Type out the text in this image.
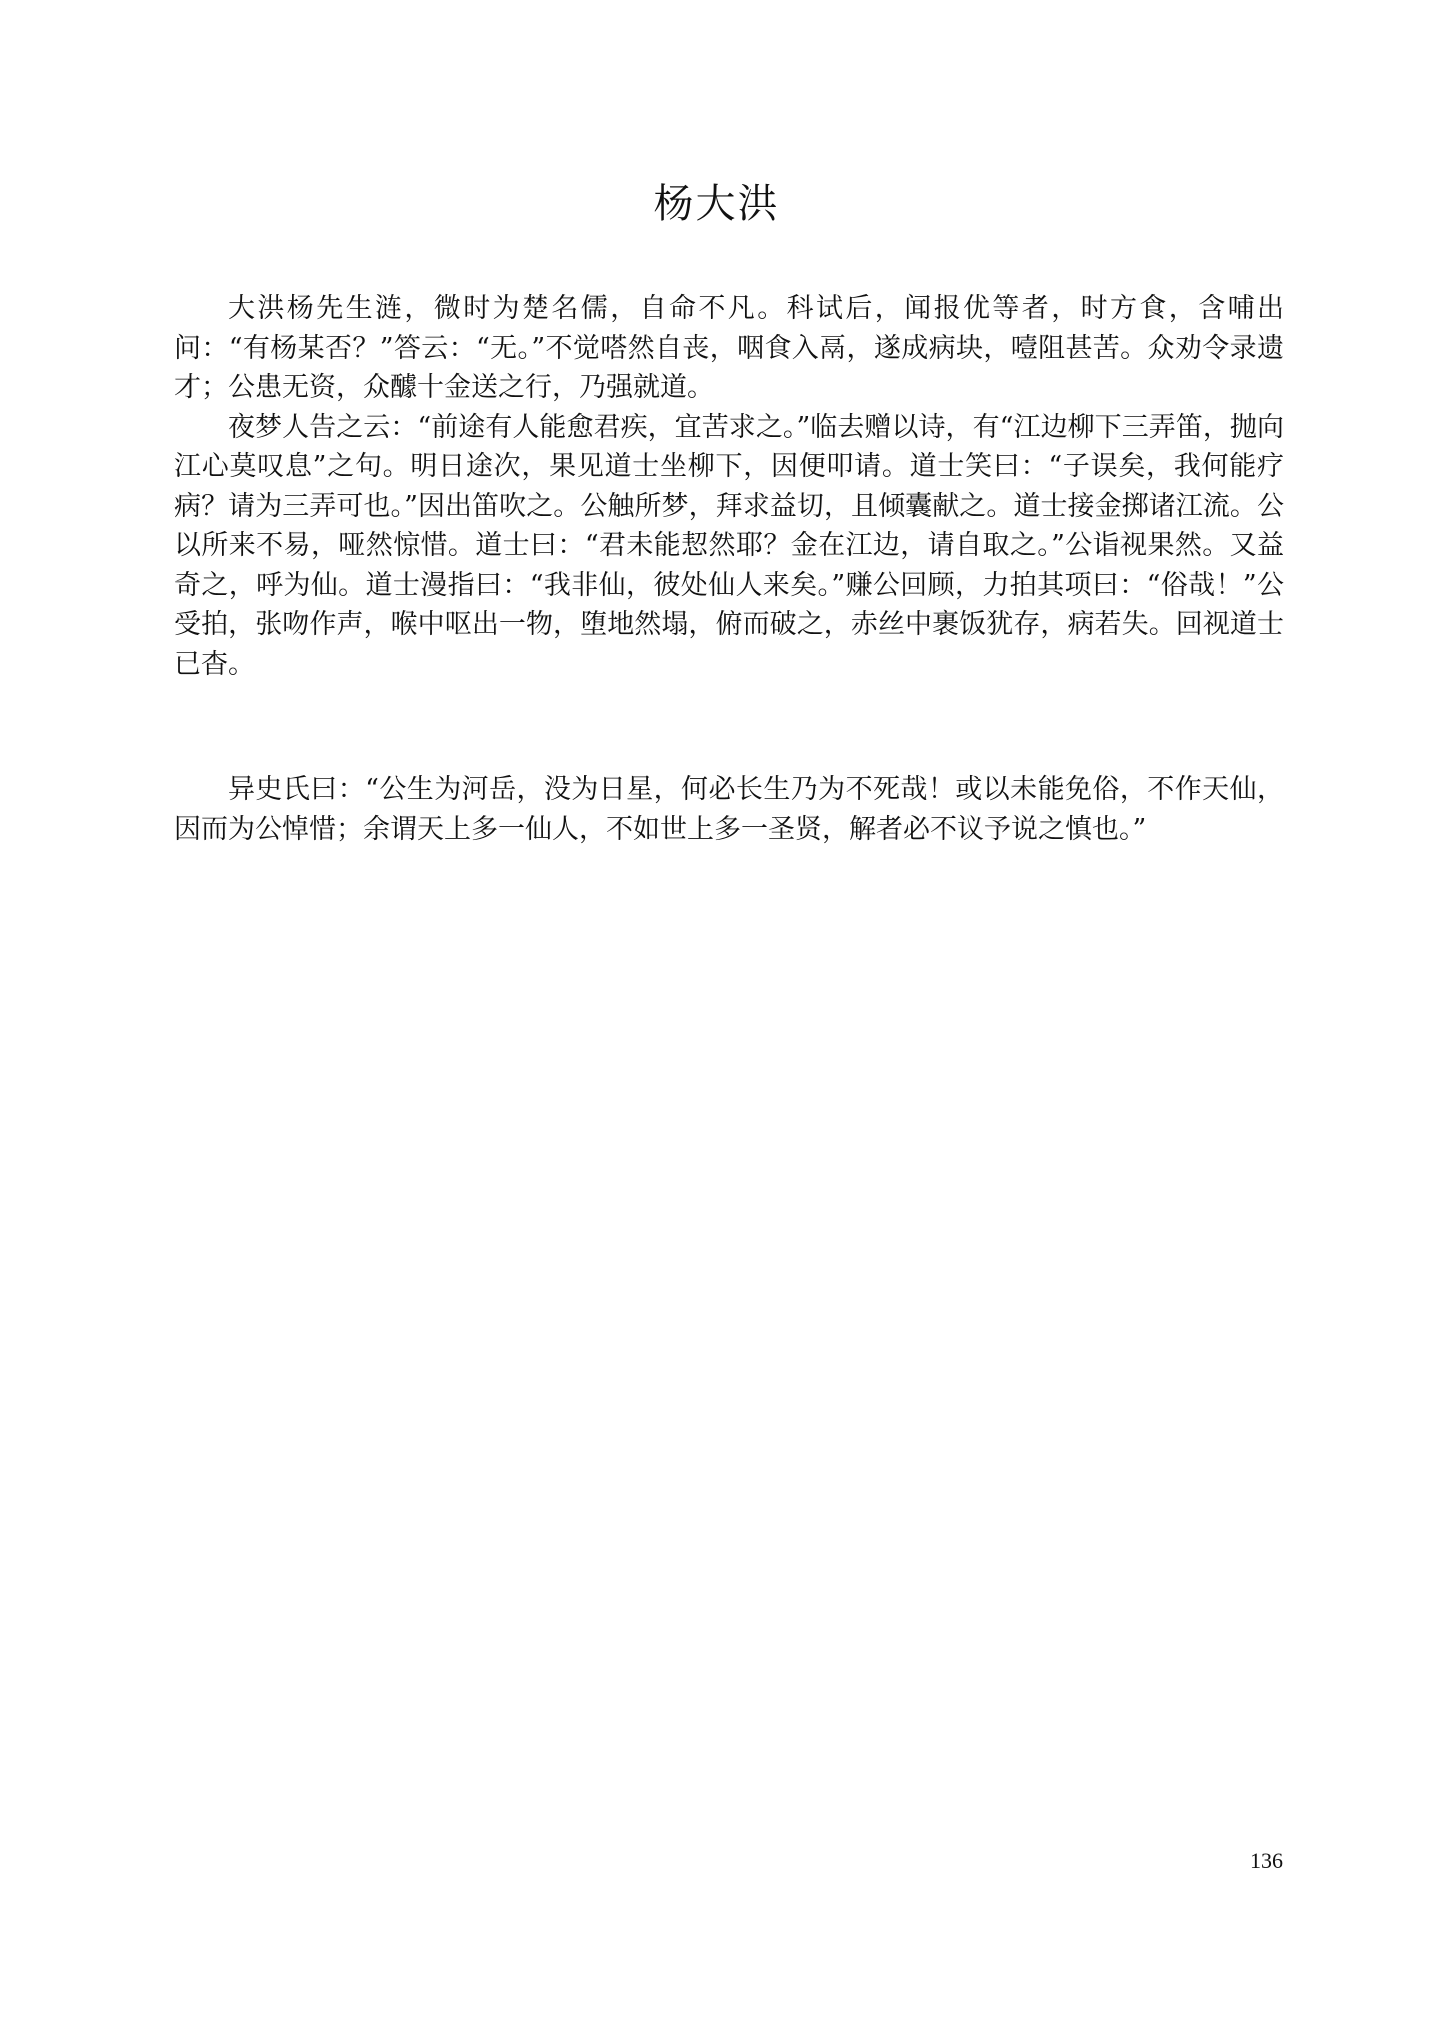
杨大洪

大洪杨先生涟，微时为楚名儒，自命不凡。科试后，闻报优等者，时方食，含哺出问：“有杨某否？”答云：“无。”不觉嗒然自丧，咽食入鬲，遂成病块，噎阻甚苦。众劝令录遗才；公患无资，众醵十金送之行，乃强就道。

夜梦人告之云：“前途有人能愈君疾，宜苦求之。”临去赠以诗，有“江边柳下三弄笛，抛向江心莫叹息”之句。明日途次，果见道士坐柳下，因便叩请。道士笑曰：“子误矣，我何能疗病？请为三弄可也。”因出笛吹之。公触所梦，拜求益切，且倾囊献之。道士接金掷诸江流。公以所来不易，哑然惊惜。道士曰：“君未能恝然耶？金在江边，请自取之。”公诣视果然。又益奇之，呼为仙。道士漫指曰：“我非仙，彼处仙人来矣。”赚公回顾，力拍其项曰：“俗哉！”公受拍，张吻作声，喉中呕出一物，堕地然塌，俯而破之，赤丝中裹饭犹存，病若失。回视道士已杳。

异史氏曰：“公生为河岳，没为日星，何必长生乃为不死哉！或以未能免俗，不作天仙，因而为公悼惜；余谓天上多一仙人，不如世上多一圣贤，解者必不议予说之慎也。”

136
